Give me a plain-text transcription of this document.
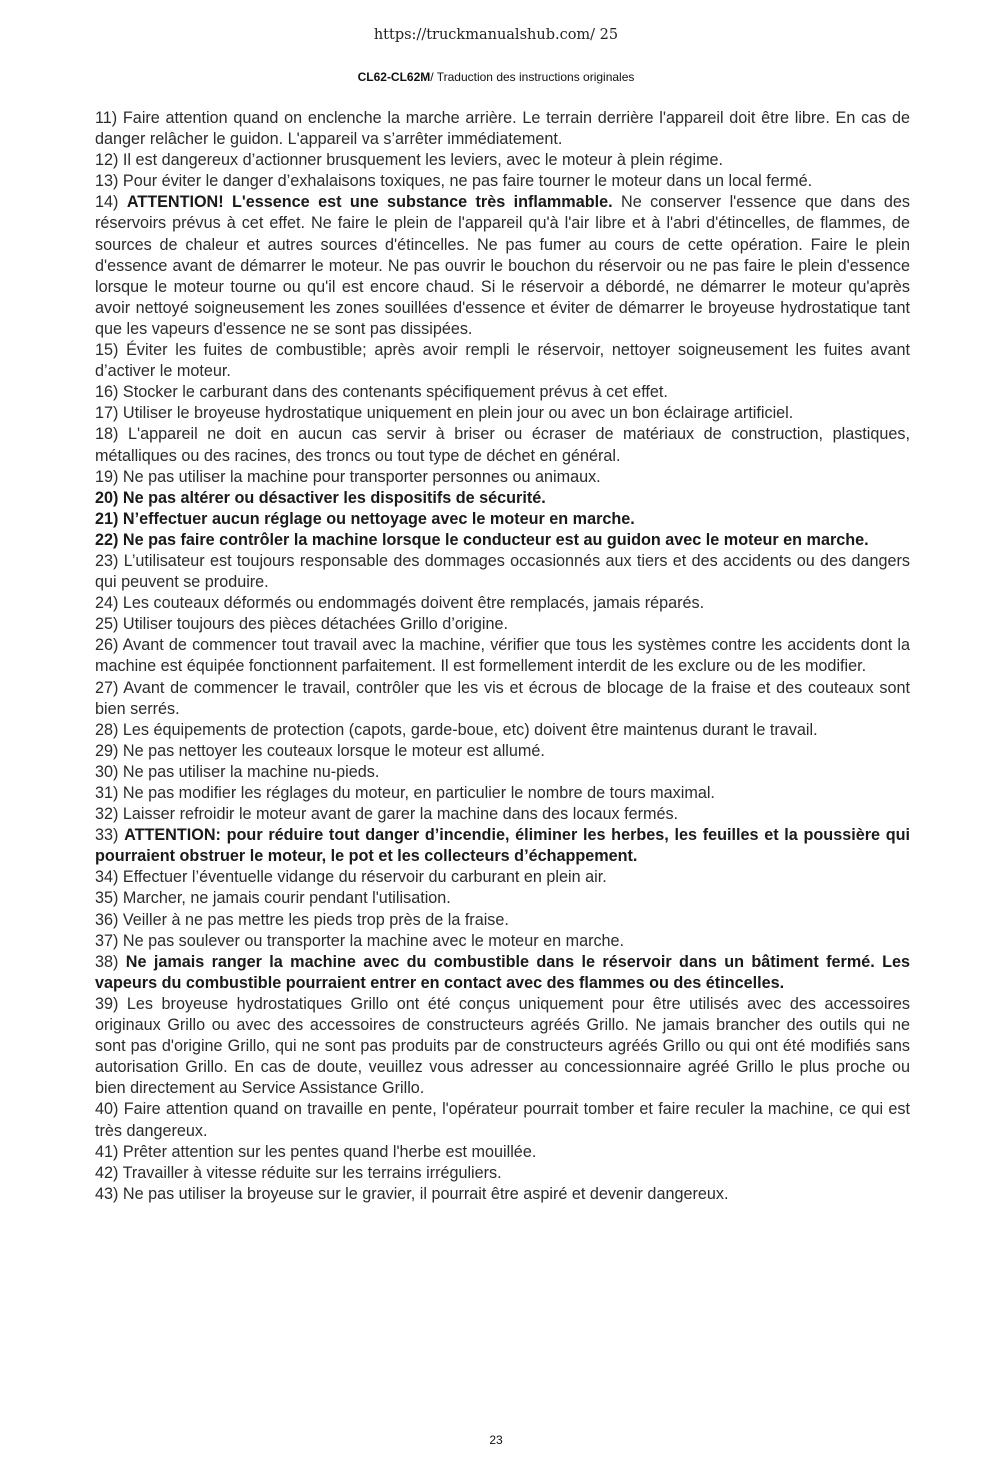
https://truckmanualshub.com/ 25
CL62-CL62M/ Traduction des instructions originales

11) Faire attention quand on enclenche la marche arrière. Le terrain derrière l'appareil doit être libre. En cas de danger relâcher le guidon. L'appareil va s’arrêter immédiatement.

12) Il est dangereux d’actionner brusquement les leviers, avec le moteur à plein régime.

13) Pour éviter le danger d’exhalaisons toxiques, ne pas faire tourner le moteur dans un local fermé.

14) ATTENTION! L'essence est une substance très inflammable. Ne conserver l'essence que dans des réservoirs prévus à cet effet. Ne faire le plein de l'appareil qu'à l'air libre et à l'abri d'étincelles, de flammes, de sources de chaleur et autres sources d'étincelles. Ne pas fumer au cours de cette opération. Faire le plein d'essence avant de démarrer le moteur. Ne pas ouvrir le bouchon du réservoir ou ne pas faire le plein d'essence lorsque le moteur tourne ou qu'il est encore chaud. Si le réservoir a débordé, ne démarrer le moteur qu'après avoir nettoyé soigneusement les zones souillées d'essence et éviter de démarrer le broyeuse hydrostatique tant que les vapeurs d'essence ne se sont pas dissipées.

15) Éviter les fuites de combustible; après avoir rempli le réservoir, nettoyer soigneusement les fuites avant d’activer le moteur.

16) Stocker le carburant dans des contenants spécifiquement prévus à cet effet.

17) Utiliser le broyeuse hydrostatique uniquement en plein jour ou avec un bon éclairage artificiel.

18) L'appareil ne doit en aucun cas servir à briser ou écraser de matériaux de construction, plastiques, métalliques ou des racines, des troncs ou tout type de déchet en général.

19) Ne pas utiliser la machine pour transporter personnes ou animaux.

20) Ne pas altérer ou désactiver les dispositifs de sécurité.

21) N’effectuer aucun réglage ou nettoyage avec le moteur en marche.

22) Ne pas faire contrôler la machine lorsque le conducteur est au guidon avec le moteur en marche.

23) L’utilisateur est toujours responsable des dommages occasionnés aux tiers et des accidents ou des dangers qui peuvent se produire.

24) Les couteaux déformés ou endommagés doivent être remplacés, jamais réparés.

25) Utiliser toujours des pièces détachées Grillo d’origine.

26) Avant de commencer tout travail avec la machine, vérifier que tous les systèmes contre les accidents dont la machine est équipée fonctionnent parfaitement. Il est formellement interdit de les exclure ou de les modifier.

27) Avant de commencer le travail, contrôler que les vis et écrous de blocage de la fraise et des couteaux sont bien serrés.

28) Les équipements de protection (capots, garde-boue, etc) doivent être maintenus durant le travail.

29) Ne pas nettoyer les couteaux lorsque le moteur est allumé.

30) Ne pas utiliser la machine nu-pieds.

31) Ne pas modifier les réglages du moteur, en particulier le nombre de tours maximal.

32) Laisser refroidir le moteur avant de garer la machine dans des locaux fermés.

33) ATTENTION: pour réduire tout danger d’incendie, éliminer les herbes, les feuilles et la poussière qui pourraient obstruer le moteur, le pot et les collecteurs d’échappement.

34) Effectuer l’éventuelle vidange du réservoir du carburant en plein air.

35) Marcher, ne jamais courir pendant l'utilisation.

36) Veiller à ne pas mettre les pieds trop près de la fraise.

37) Ne pas soulever ou transporter la machine avec le moteur en marche.

38) Ne jamais ranger la machine avec du combustible dans le réservoir dans un bâtiment fermé. Les vapeurs du combustible pourraient entrer en contact avec des flammes ou des étincelles.

39) Les broyeuse hydrostatiques Grillo ont été conçus uniquement pour être utilisés avec des accessoires originaux Grillo ou avec des accessoires de constructeurs agréés Grillo. Ne jamais brancher des outils qui ne sont pas d'origine Grillo, qui ne sont pas produits par de constructeurs agréés Grillo ou qui ont été modifiés sans autorisation Grillo. En cas de doute, veuillez vous adresser au concessionnaire agréé Grillo le plus proche ou bien directement au Service Assistance Grillo.

40) Faire attention quand on travaille en pente, l'opérateur pourrait tomber et faire reculer la machine, ce qui est très dangereux.

41) Prêter attention sur les pentes quand l'herbe est mouillée.

42) Travailler à vitesse réduite sur les terrains irréguliers.

43) Ne pas utiliser la broyeuse sur le gravier, il pourrait être aspiré et devenir dangereux.

23
